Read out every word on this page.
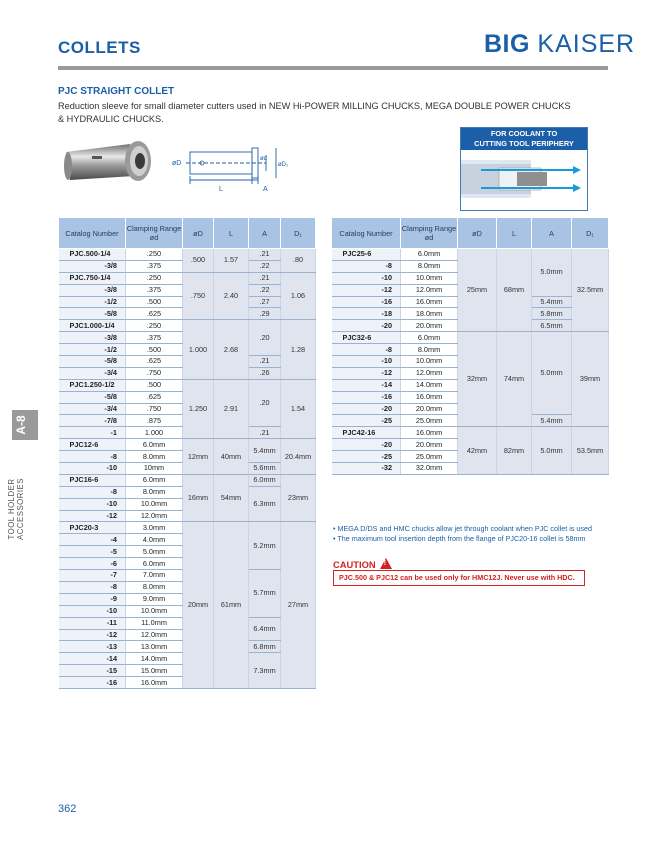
COLLETS	BIG KAISER
PJC STRAIGHT COLLET
Reduction sleeve for small diameter cutters used in NEW Hi-POWER MILLING CHUCKS, MEGA DOUBLE POWER CHUCKS & HYDRAULIC CHUCKS.
øD
ød
øD₁
L	A
FOR COOLANT TO
CUTTING TOOL PERIPHERY
Catalog Number	Clamping Range ød	øD	L	A	D₁
PJC.500-1/4	.250	.500	1.57	.21	.80
-3/8	.375			.22	
PJC.750-1/4	.250	.750	2.40	.21	1.06
-3/8	.375			.22	
-1/2	.500			.27	
-5/8	.625			.29	
PJC1.000-1/4	.250	1.000	2.68	.20	1.28
-3/8	.375				
-1/2	.500				
-5/8	.625			.21	
-3/4	.750			.26	
PJC1.250-1/2	.500	1.250	2.91	.20	1.54
-5/8	.625				
-3/4	.750				
-7/8	.875				
-1	1.000			.21	
PJC12-6	6.0mm	12mm	40mm	5.4mm	20.4mm
-8	8.0mm				
-10	10mm			5.6mm	
PJC16-6	6.0mm	16mm	54mm	6.0mm	23mm
-8	8.0mm			6.3mm	
-10	10.0mm				
-12	12.0mm				
PJC20-3	3.0mm	20mm	61mm	5.2mm	27mm
-4	4.0mm				
-5	5.0mm				
-6	6.0mm				
-7	7.0mm			5.7mm	
-8	8.0mm				
-9	9.0mm				
-10	10.0mm				
-11	11.0mm			6.4mm	
-12	12.0mm				
-13	13.0mm			6.8mm	
-14	14.0mm			7.3mm	
-15	15.0mm				
-16	16.0mm				
Catalog Number	Clamping Range ød	øD	L	A	D₁
PJC25-6	6.0mm	25mm	68mm	5.0mm	32.5mm
-8	8.0mm				
-10	10.0mm				
-12	12.0mm				
-16	16.0mm			5.4mm	
-18	18.0mm			5.8mm	
-20	20.0mm			6.5mm	
PJC32-6	6.0mm	32mm	74mm	5.0mm	39mm
-8	8.0mm				
-10	10.0mm				
-12	12.0mm				
-14	14.0mm				
-16	16.0mm				
-20	20.0mm				
-25	25.0mm			5.4mm	
PJC42-16	16.0mm	42mm	82mm	5.0mm	53.5mm
-20	20.0mm				
-25	25.0mm				
-32	32.0mm				
A-8
TOOL HOLDER ACCESSORIES	• MEGA D/DS and HMC chucks allow jet through coolant when PJC collet is used
• The maximum tool insertion depth from the flange of PJC20-16 collet is 58mm
CAUTION !
PJC.500 & PJC12 can be used only for HMC12J. Never use with HDC.
362
